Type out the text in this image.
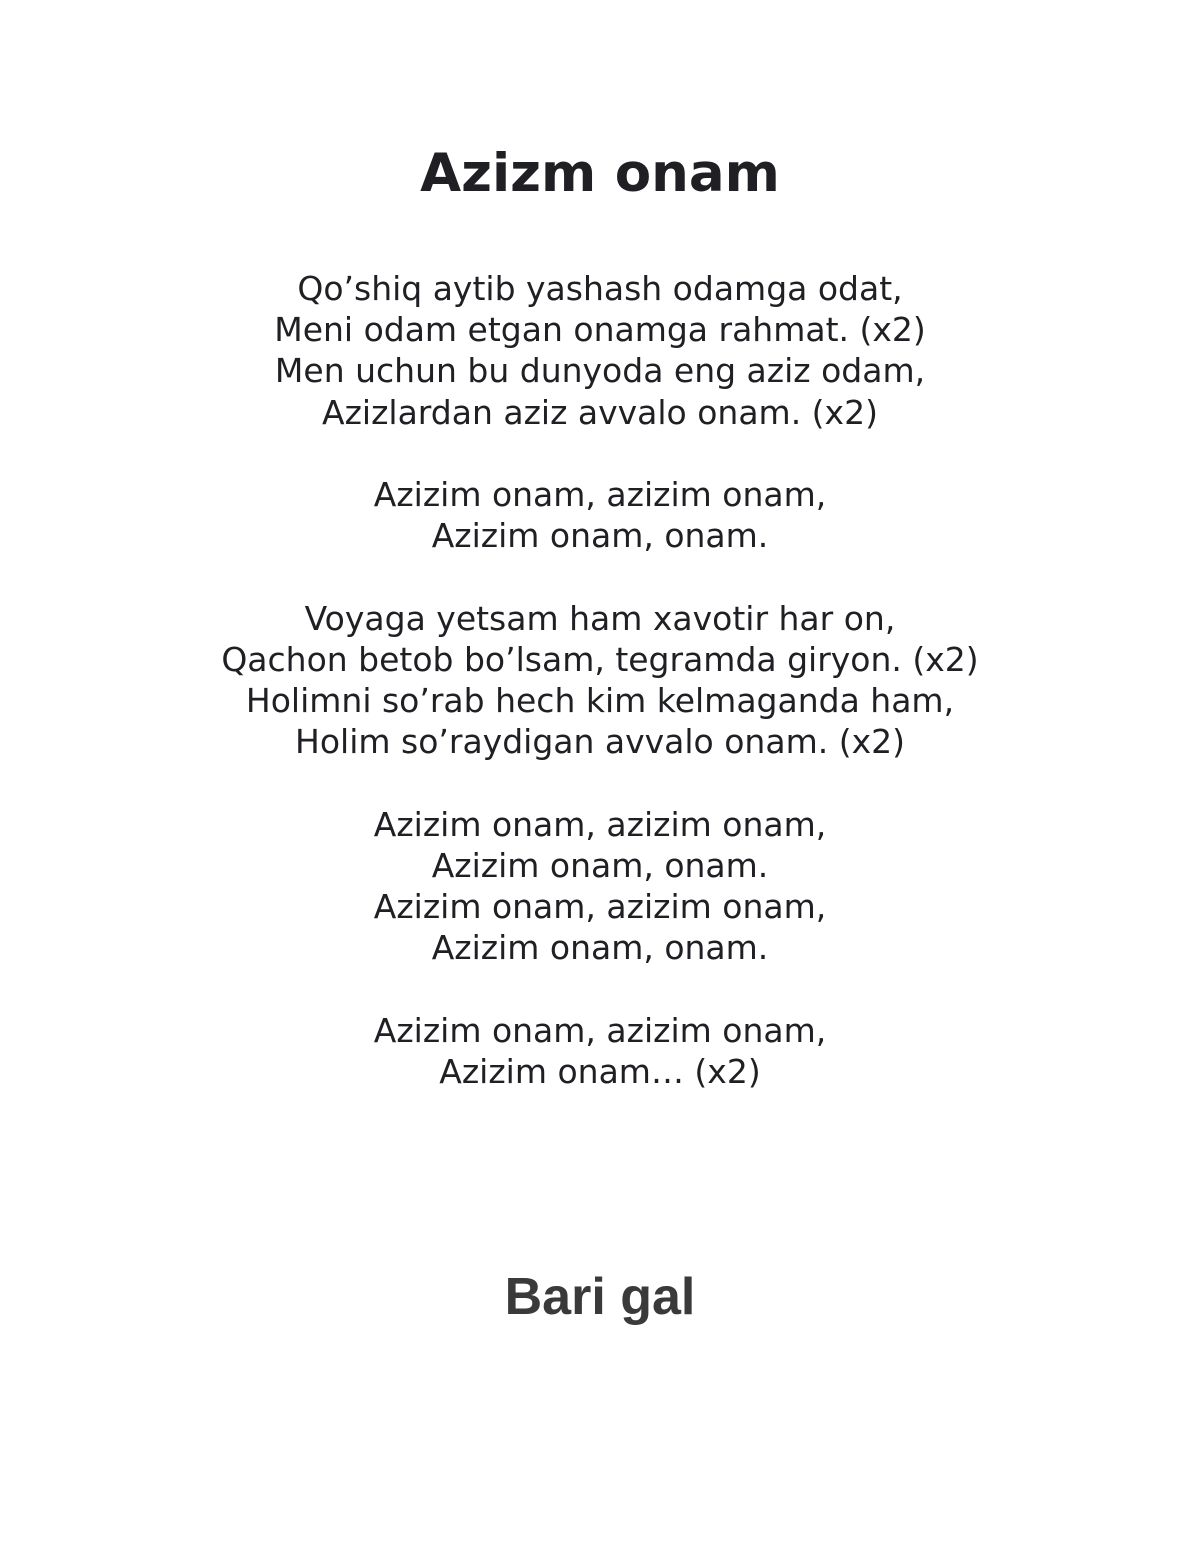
Azizm onam
Qo’shiq aytib yashash odamga odat,
Meni odam etgan onamga rahmat. (x2)
Men uchun bu dunyoda eng aziz odam,
Azizlardan aziz avvalo onam. (x2)
Azizim onam, azizim onam,
Azizim onam, onam.
Voyaga yetsam ham xavotir har on,
Qachon betob bo’lsam, tegramda giryon. (x2)
Holimni so’rab hech kim kelmaganda ham,
Holim so’raydigan avvalo onam. (x2)
Azizim onam, azizim onam,
Azizim onam, onam.
Azizim onam, azizim onam,
Azizim onam, onam.
Azizim onam, azizim onam,
Azizim onam… (x2)
Bari gal
